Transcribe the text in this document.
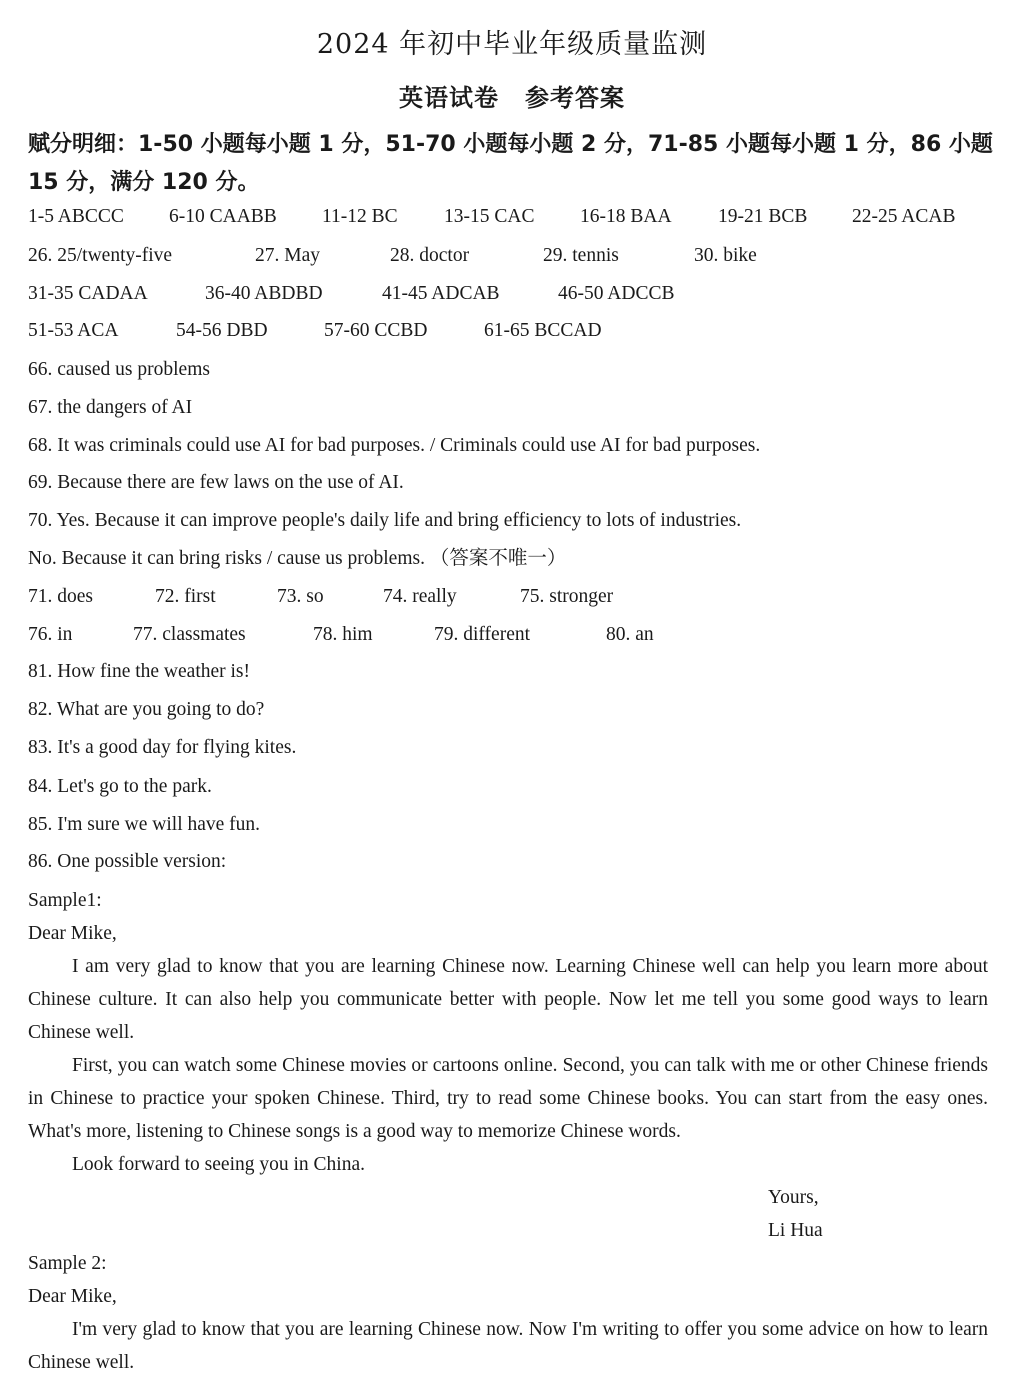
2024 年初中毕业年级质量监测
英语试卷 参考答案
赋分明细：1-50 小题每小题 1 分，51-70 小题每小题 2 分，71-85 小题每小题 1 分，86 小题 15 分，满分 120 分。
1-5 ABCCC 6-10 CAABB 11-12 BC 13-15 CAC 16-18 BAA 19-21 BCB 22-25 ACAB
26. 25/twenty-five	27. May	28. doctor	29. tennis	30. bike
31-35 CADAA	36-40 ABDBD	41-45 ADCAB	46-50 ADCCB
51-53 ACA	54-56 DBD	57-60 CCBD	61-65 BCCAD
66. caused us problems
67. the dangers of AI
68. It was criminals could use AI for bad purposes. / Criminals could use AI for bad purposes.
69. Because there are few laws on the use of AI.
70. Yes. Because it can improve people's daily life and bring efficiency to lots of industries.
No. Because it can bring risks / cause us problems. （答案不唯一）
71. does	72. first	73. so	74. really	75. stronger
76. in	77. classmates	78. him	79. different	80. an
81. How fine the weather is!
82. What are you going to do?
83. It's a good day for flying kites.
84. Let's go to the park.
85. I'm sure we will have fun.
86. One possible version:
Sample1:
Dear Mike,
I am very glad to know that you are learning Chinese now. Learning Chinese well can help you learn more about Chinese culture. It can also help you communicate better with people. Now let me tell you some good ways to learn Chinese well.
First, you can watch some Chinese movies or cartoons online. Second, you can talk with me or other Chinese friends in Chinese to practice your spoken Chinese. Third, try to read some Chinese books. You can start from the easy ones. What's more, listening to Chinese songs is a good way to memorize Chinese words.
Look forward to seeing you in China.
Yours,
Li Hua
Sample 2:
Dear Mike,
I'm very glad to know that you are learning Chinese now. Now I'm writing to offer you some advice on how to learn Chinese well.
